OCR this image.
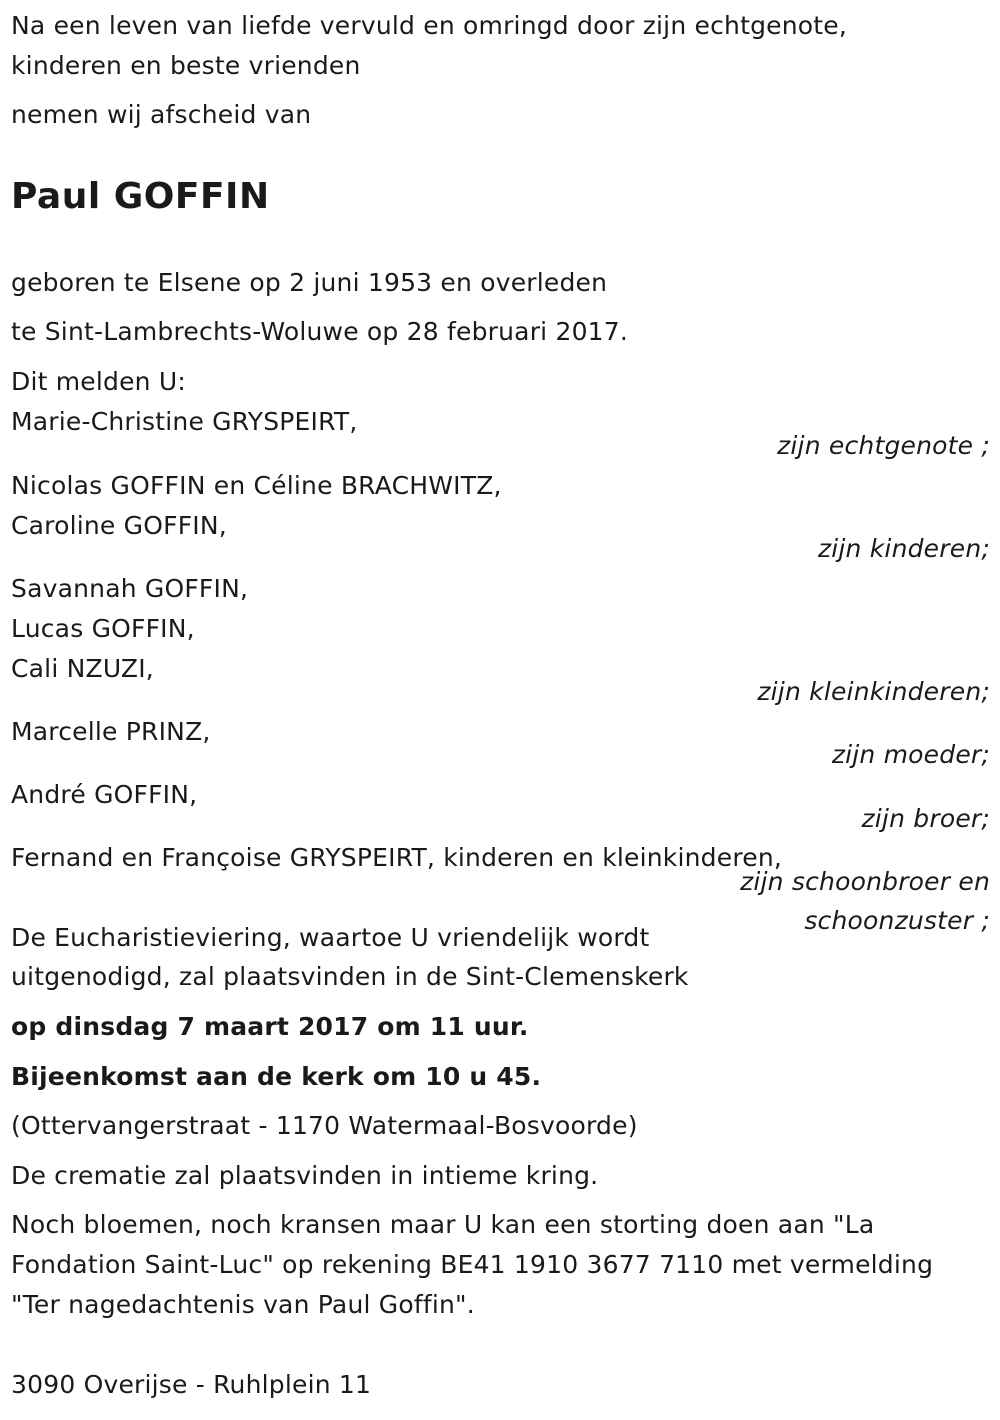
Na een leven van liefde vervuld en omringd door zijn echtgenote,
kinderen en beste vrienden
nemen wij afscheid van
Paul GOFFIN
geboren te Elsene op 2 juni 1953 en overleden
te Sint-Lambrechts-Woluwe op 28 februari 2017.
Dit melden U:
Marie-Christine GRYSPEIRT,
zijn echtgenote ;
Nicolas GOFFIN en Céline BRACHWITZ,
Caroline GOFFIN,
zijn kinderen;
Savannah GOFFIN,
Lucas GOFFIN,
Cali NZUZI,
zijn kleinkinderen;
Marcelle PRINZ,
zijn moeder;
André GOFFIN,
zijn broer;
Fernand en Françoise GRYSPEIRT, kinderen en kleinkinderen,
zijn schoonbroer en
schoonzuster ;
De Eucharistieviering, waartoe U vriendelijk wordt
uitgenodigd, zal plaatsvinden in de Sint-Clemenskerk
op dinsdag 7 maart 2017 om 11 uur.
Bijeenkomst aan de kerk om 10 u 45.
(Ottervangerstraat - 1170 Watermaal-Bosvoorde)
De crematie zal plaatsvinden in intieme kring.
Noch bloemen, noch kransen maar U kan een storting doen aan "La
Fondation Saint-Luc" op rekening BE41 1910 3677 7110 met vermelding
"Ter nagedachtenis van Paul Goffin".
3090 Overijse - Ruhlplein 11
